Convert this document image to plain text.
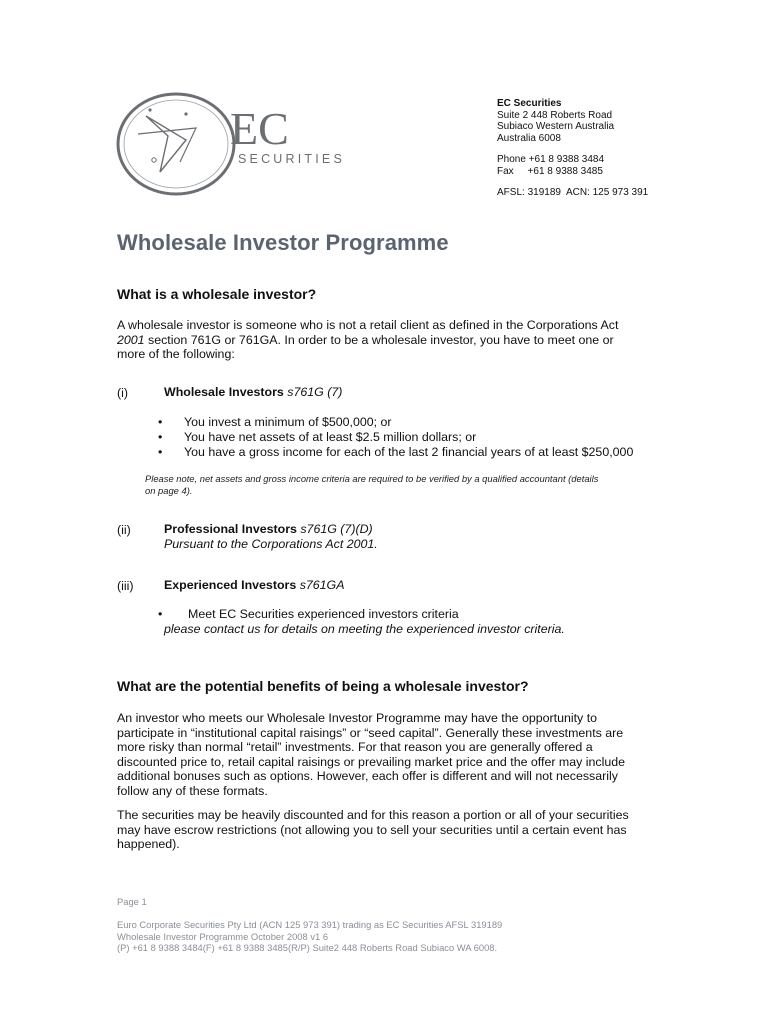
EC
SECURITIES
EC Securities
Suite 2 448 Roberts Road
Subiaco Western Australia
Australia 6008
Phone +61 8 9388 3484
Fax     +61 8 9388 3485
AFSL: 319189  ACN: 125 973 391
Wholesale Investor Programme
What is a wholesale investor?
A wholesale investor is someone who is not a retail client as defined in the Corporations Act
2001 section 761G or 761GA. In order to be a wholesale investor, you have to meet one or
more of the following:
(i)	Wholesale Investors s761G (7)
• You invest a minimum of $500,000; or
• You have net assets of at least $2.5 million dollars; or
• You have a gross income for each of the last 2 financial years of at least $250,000
Please note, net assets and gross income criteria are required to be verified by a qualified accountant (details
on page 4).
(ii)	Professional Investors s761G (7)(D)
Pursuant to the Corporations Act 2001.
(iii) Experienced Investors s761GA
• Meet EC Securities experienced investors criteria
please contact us for details on meeting the experienced investor criteria.
What are the potential benefits of being a wholesale investor?
An investor who meets our Wholesale Investor Programme may have the opportunity to
participate in “institutional capital raisings” or “seed capital”. Generally these investments are
more risky than normal “retail” investments. For that reason you are generally offered a
discounted price to, retail capital raisings or prevailing market price and the offer may include
additional bonuses such as options. However, each offer is different and will not necessarily
follow any of these formats.
The securities may be heavily discounted and for this reason a portion or all of your securities
may have escrow restrictions (not allowing you to sell your securities until a certain event has
happened).
Page 1
Euro Corporate Securities Pty Ltd (ACN 125 973 391) trading as EC Securities AFSL 319189
Wholesale Investor Programme October 2008 v1 6
(P) +61 8 9388 3484(F) +61 8 9388 3485(R/P) Suite2 448 Roberts Road Subiaco WA 6008.
